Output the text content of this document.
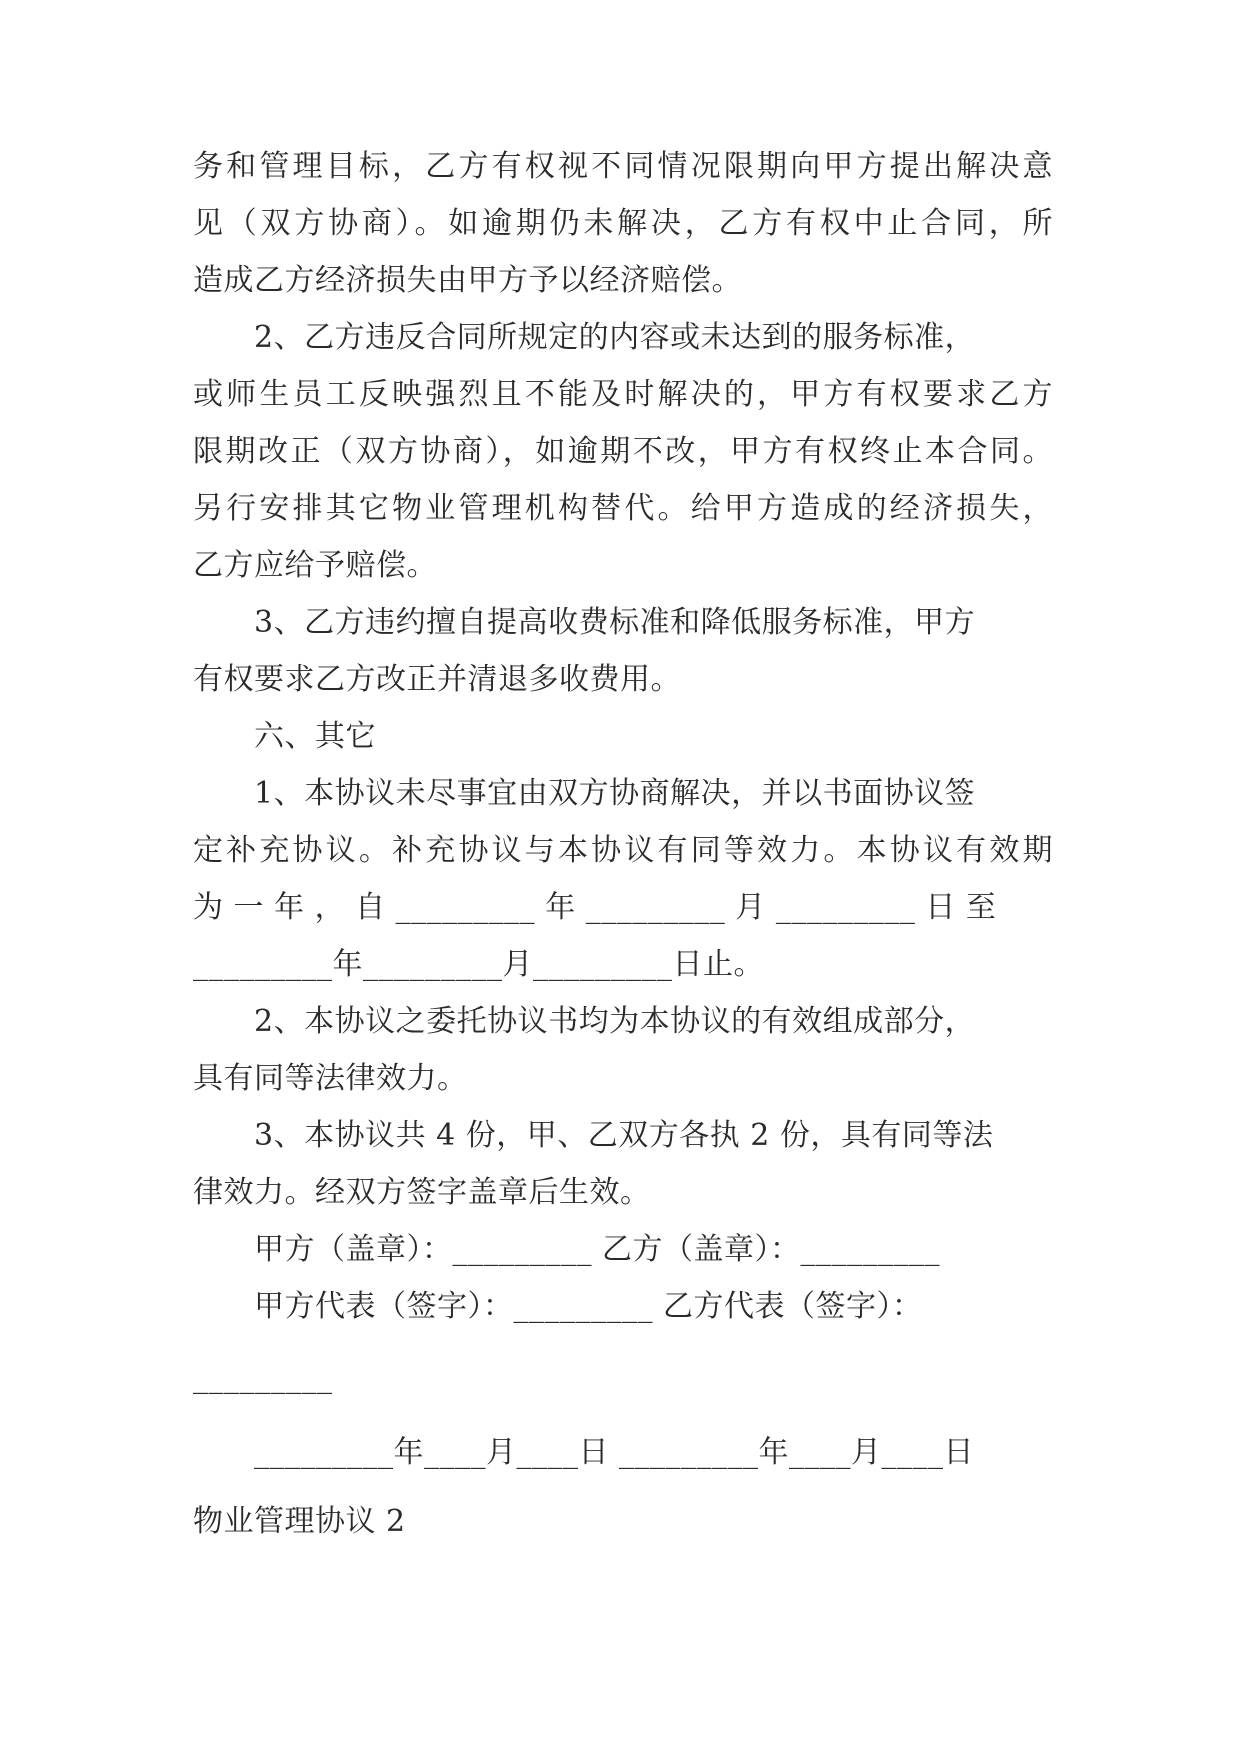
务和管理目标，乙方有权视不同情况限期向甲方提出解决意
见（双方协商）。如逾期仍未解决，乙方有权中止合同，所
造成乙方经济损失由甲方予以经济赔偿。
　　2、乙方违反合同所规定的内容或未达到的服务标准，
或师生员工反映强烈且不能及时解决的，甲方有权要求乙方
限期改正（双方协商），如逾期不改，甲方有权终止本合同。
另行安排其它物业管理机构替代。给甲方造成的经济损失，
乙方应给予赔偿。
　　3、乙方违约擅自提高收费标准和降低服务标准，甲方
有权要求乙方改正并清退多收费用。
　　六、其它
　　1、本协议未尽事宜由双方协商解决，并以书面协议签
定补充协议。补充协议与本协议有同等效力。本协议有效期
为 一 年 ， 自 _________ 年 _________ 月 _________ 日 至
_________年_________月_________日止。
　　2、本协议之委托协议书均为本协议的有效组成部分，
具有同等法律效力。
　　3、本协议共 4 份，甲、乙双方各执 2 份，具有同等法
律效力。经双方签字盖章后生效。
　　甲方（盖章）：_________ 乙方（盖章）：_________
　　甲方代表（签字）：_________ 乙方代表（签字）：
_________
　　_________年____月____日 _________年____月____日
物业管理协议 2
